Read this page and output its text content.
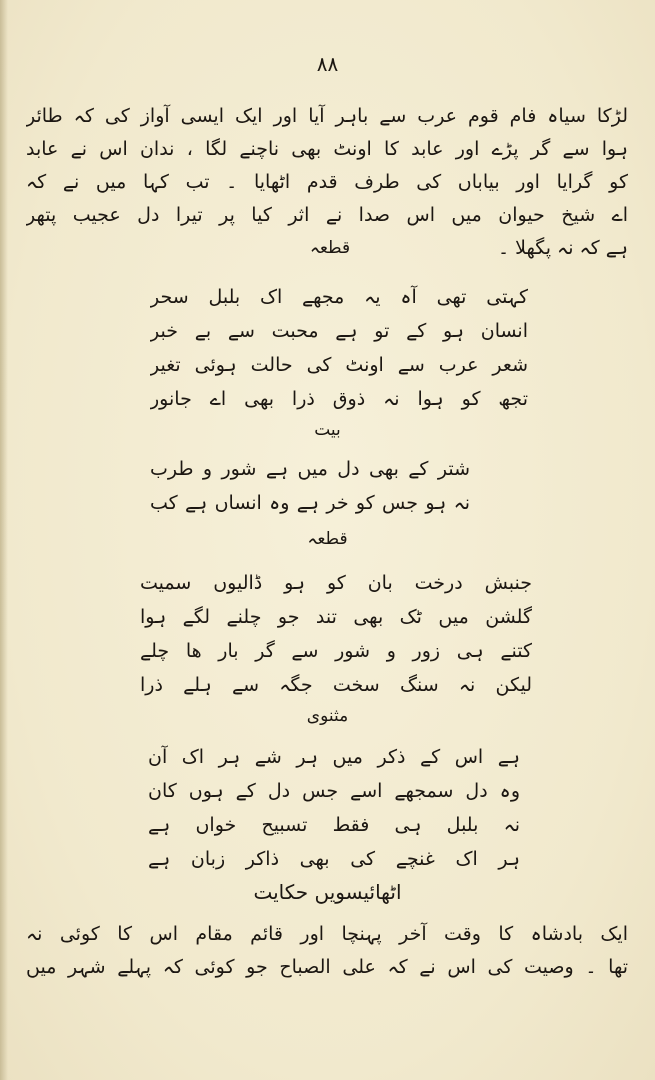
۸۸
لڑکا سیاہ فام قوم عرب سے باہر آیا اور ایک ایسی آواز کی کہ طائر
ہوا سے گر پڑے اور عابد کا اونٹ بھی ناچنے لگا ، ندان اس نے عابد
کو گرایا اور بیاباں کی طرف قدم اٹھایا ۔ تب کہا میں نے کہ
اے شیخ حیوان میں اس صدا نے اثر کیا پر تیرا دل عجیب پتھر
ہے کہ نہ پگھلا ۔
قطعہ
کہتی تھی آہ یہ مجھے اک بلبل سحر
انسان ہو کے تو ہے محبت سے بے خبر
شعر عرب سے اونٹ کی حالت ہوئی تغیر
تجھ کو ہوا نہ ذوق ذرا بھی اے جانور
بیت
شتر کے بھی دل میں ہے شور و طرب
نہ ہو جس کو خر ہے وہ انساں ہے کب
قطعہ
جنبش درخت بان کو ہو ڈالیوں سمیت
گلشن میں ٹک بھی تند جو چلنے لگے ہوا
کتنے ہی زور و شور سے گر بار ھا چلے
لیکن نہ سنگ سخت جگہ سے ہلے ذرا
مثنوی
ہے اس کے ذکر میں ہر شے ہر اک آن
وہ دل سمجھے اسے جس دل کے ہوں کان
نہ بلبل ہی فقط تسبیح خواں ہے
ہر اک غنچے کی بھی ذاکر زبان ہے
اٹھائیسویں حکایت
ایک بادشاہ کا وقت آخر پہنچا اور قائم مقام اس کا کوئی نہ
تھا ۔ وصیت کی اس نے کہ علی الصباح جو کوئی کہ پہلے شہر میں
